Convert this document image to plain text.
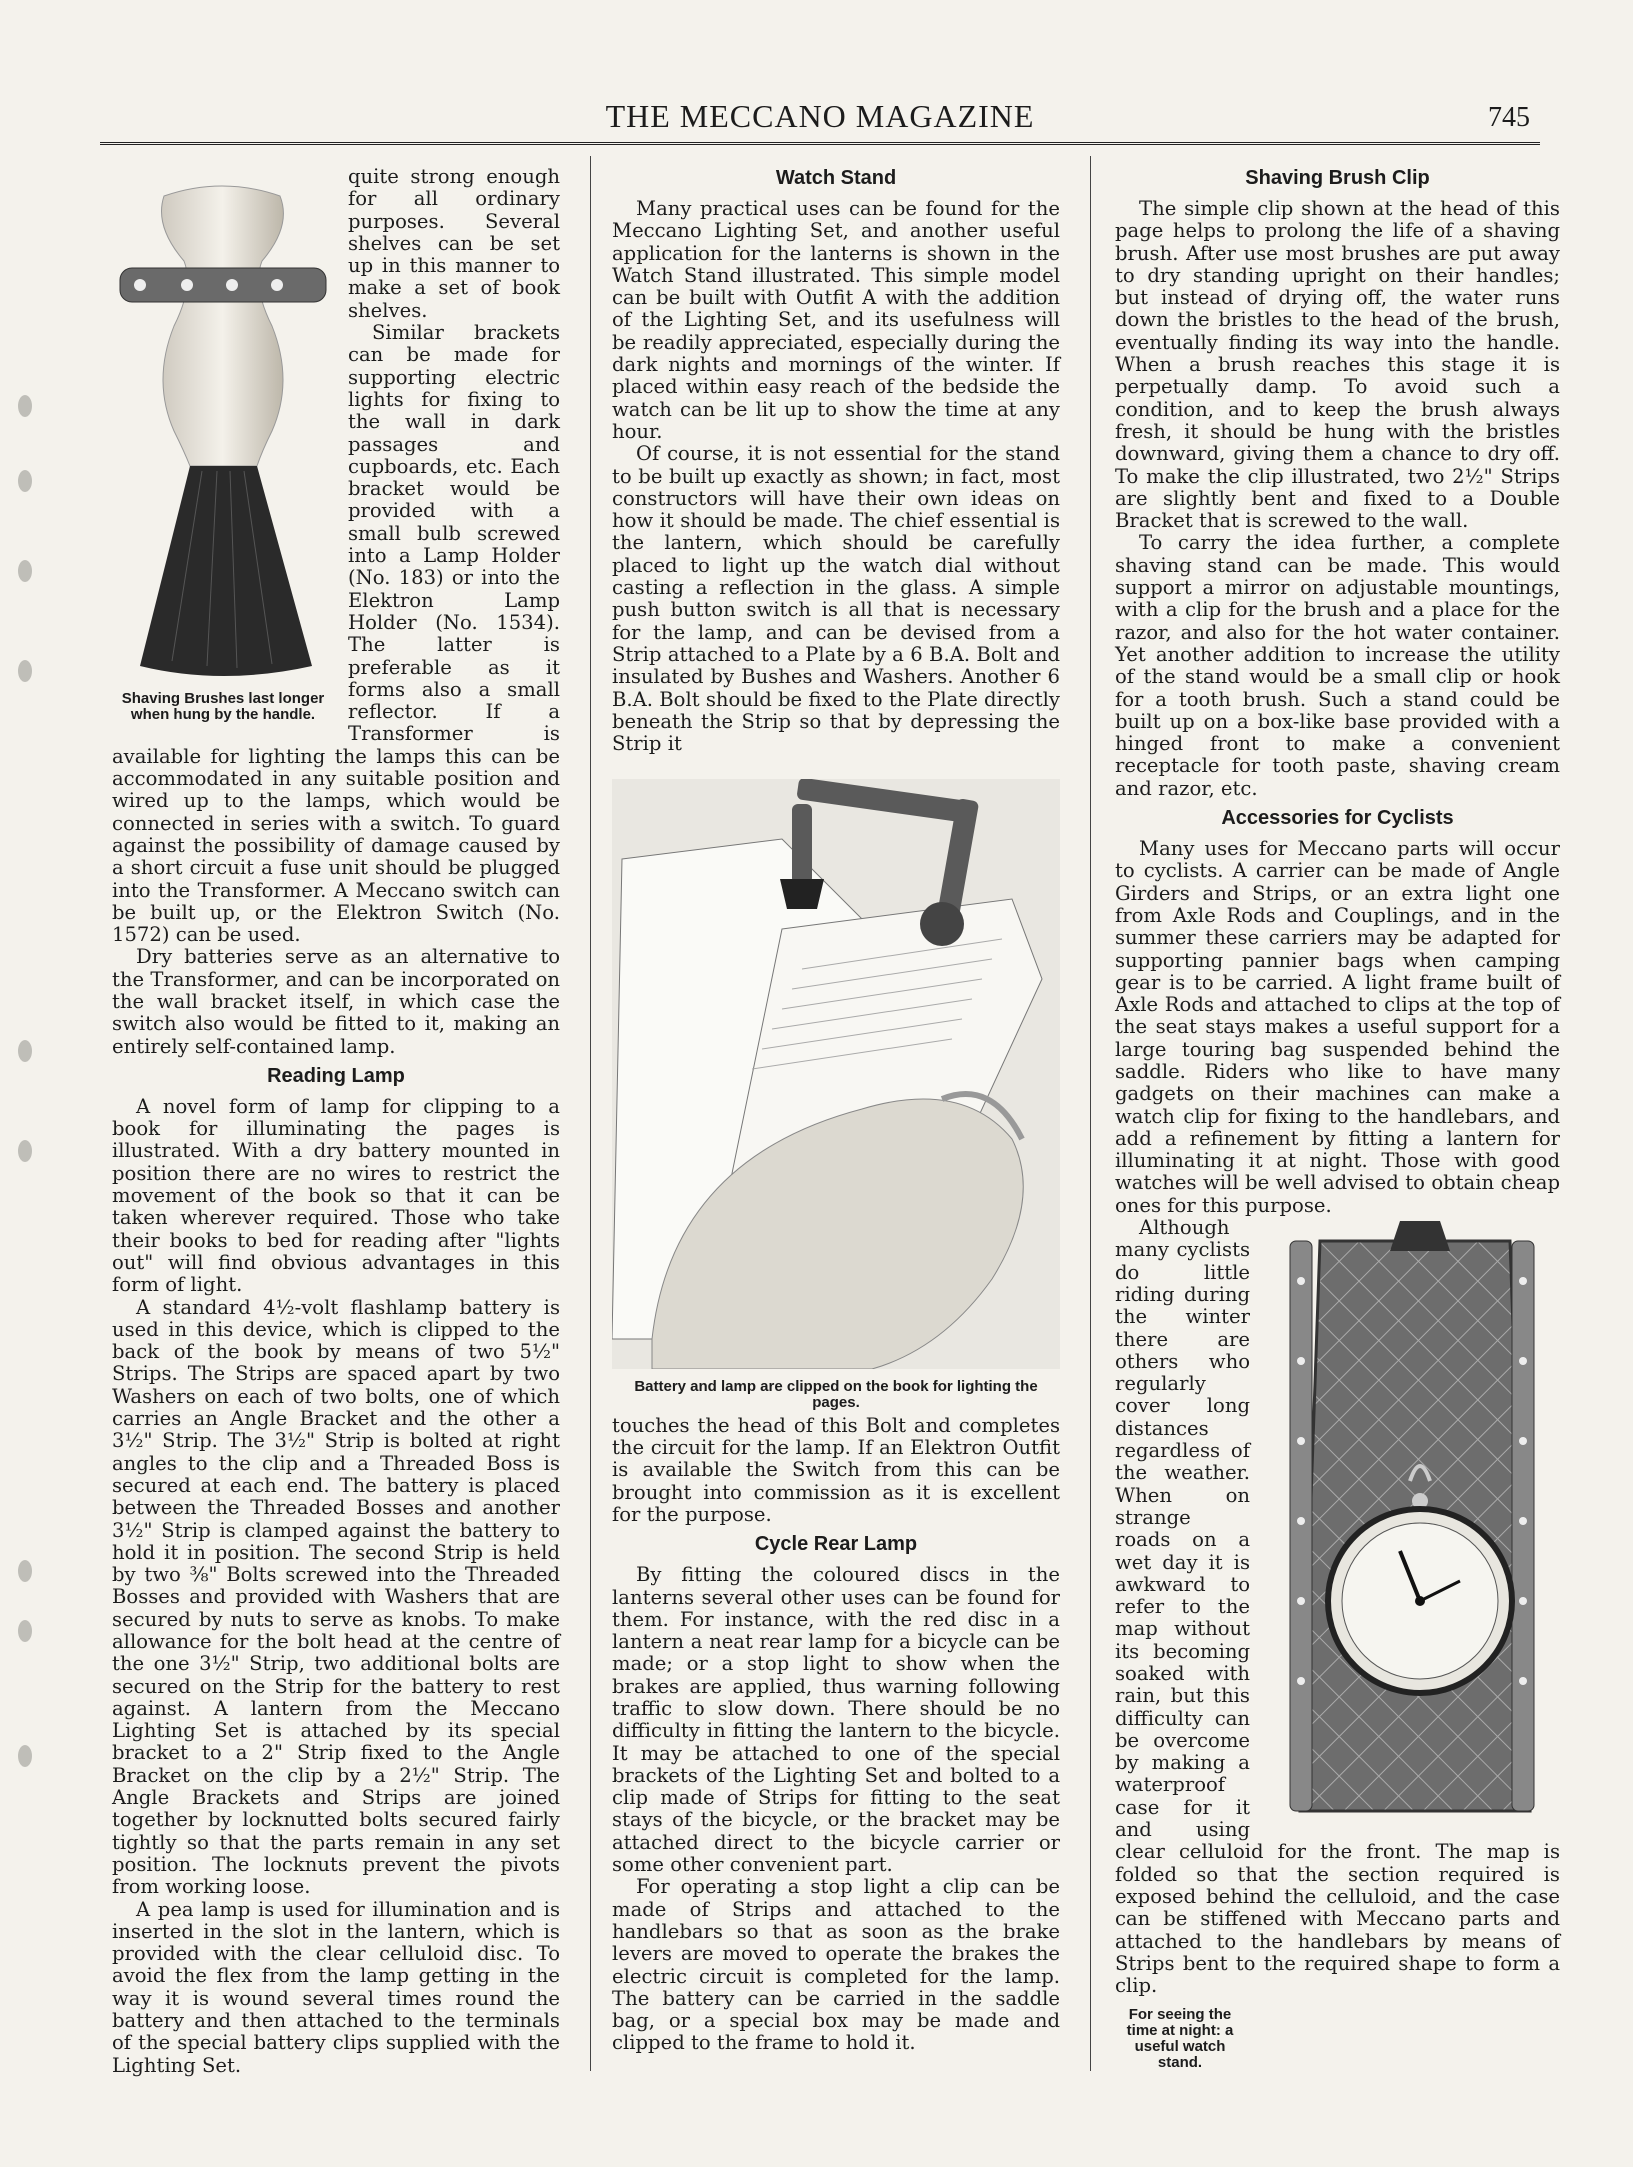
THE MECCANO MAGAZINE	745
Shaving Brushes last longer when hung by the handle.

quite strong enough for all ordinary purposes. Several shelves can be set up in this manner to make a set of book shelves.

Similar brackets can be made for supporting electric lights for fixing to the wall in dark passages and cupboards, etc. Each bracket would be provided with a small bulb screwed into a Lamp Holder (No. 183) or into the Elektron Lamp Holder (No. 1534). The latter is preferable as it forms also a small reflector. If a Transformer is available for lighting the lamps this can be accommodated in any suitable position and wired up to the lamps, which would be connected in series with a switch. To guard against the possibility of damage caused by a short circuit a fuse unit should be plugged into the Transformer. A Meccano switch can be built up, or the Elektron Switch (No. 1572) can be used.

Dry batteries serve as an alternative to the Transformer, and can be incorporated on the wall bracket itself, in which case the switch also would be fitted to it, making an entirely self-contained lamp.

Reading Lamp

A novel form of lamp for clipping to a book for illuminating the pages is illustrated. With a dry battery mounted in position there are no wires to restrict the movement of the book so that it can be taken wherever required. Those who take their books to bed for reading after "lights out" will find obvious advantages in this form of light.

A standard 4½-volt flashlamp battery is used in this device, which is clipped to the back of the book by means of two 5½" Strips. The Strips are spaced apart by two Washers on each of two bolts, one of which carries an Angle Bracket and the other a 3½" Strip. The 3½" Strip is bolted at right angles to the clip and a Threaded Boss is secured at each end. The battery is placed between the Threaded Bosses and another 3½" Strip is clamped against the battery to hold it in position. The second Strip is held by two ⅜" Bolts screwed into the Threaded Bosses and provided with Washers that are secured by nuts to serve as knobs. To make allowance for the bolt head at the centre of the one 3½" Strip, two additional bolts are secured on the Strip for the battery to rest against. A lantern from the Meccano Lighting Set is attached by its special bracket to a 2" Strip fixed to the Angle Bracket on the clip by a 2½" Strip. The Angle Brackets and Strips are joined together by locknutted bolts secured fairly tightly so that the parts remain in any set position. The locknuts prevent the pivots from working loose.

A pea lamp is used for illumination and is inserted in the slot in the lantern, which is provided with the clear celluloid disc. To avoid the flex from the lamp getting in the way it is wound several times round the battery and then attached to the terminals of the special battery clips supplied with the Lighting Set.

Watch Stand

Many practical uses can be found for the Meccano Lighting Set, and another useful application for the lanterns is shown in the Watch Stand illustrated. This simple model can be built with Outfit A with the addition of the Lighting Set, and its usefulness will be readily appreciated, especially during the dark nights and mornings of the winter. If placed within easy reach of the bedside the watch can be lit up to show the time at any hour.

Of course, it is not essential for the stand to be built up exactly as shown; in fact, most constructors will have their own ideas on how it should be made. The chief essential is the lantern, which should be carefully placed to light up the watch dial without casting a reflection in the glass. A simple push button switch is all that is necessary for the lamp, and can be devised from a Strip attached to a Plate by a 6 B.A. Bolt and insulated by Bushes and Washers. Another 6 B.A. Bolt should be fixed to the Plate directly beneath the Strip so that by depressing the Strip it

Battery and lamp are clipped on the book for lighting the pages.

touches the head of this Bolt and completes the circuit for the lamp. If an Elektron Outfit is available the Switch from this can be brought into commission as it is excellent for the purpose.

Cycle Rear Lamp

By fitting the coloured discs in the lanterns several other uses can be found for them. For instance, with the red disc in a lantern a neat rear lamp for a bicycle can be made; or a stop light to show when the brakes are applied, thus warning following traffic to slow down. There should be no difficulty in fitting the lantern to the bicycle. It may be attached to one of the special brackets of the Lighting Set and bolted to a clip made of Strips for fitting to the seat stays of the bicycle, or the bracket may be attached direct to the bicycle carrier or some other convenient part.

For operating a stop light a clip can be made of Strips and attached to the handlebars so that as soon as the brake levers are moved to operate the brakes the electric circuit is completed for the lamp. The battery can be carried in the saddle bag, or a special box may be made and clipped to the frame to hold it.

Shaving Brush Clip

The simple clip shown at the head of this page helps to prolong the life of a shaving brush. After use most brushes are put away to dry standing upright on their handles; but instead of drying off, the water runs down the bristles to the head of the brush, eventually finding its way into the handle. When a brush reaches this stage it is perpetually damp. To avoid such a condition, and to keep the brush always fresh, it should be hung with the bristles downward, giving them a chance to dry off. To make the clip illustrated, two 2½" Strips are slightly bent and fixed to a Double Bracket that is screwed to the wall.

To carry the idea further, a complete shaving stand can be made. This would support a mirror on adjustable mountings, with a clip for the brush and a place for the razor, and also for the hot water container. Yet another addition to increase the utility of the stand would be a small clip or hook for a tooth brush. Such a stand could be built up on a box-like base provided with a hinged front to make a convenient receptacle for tooth paste, shaving cream and razor, etc.

Accessories for Cyclists

Many uses for Meccano parts will occur to cyclists. A carrier can be made of Angle Girders and Strips, or an extra light one from Axle Rods and Couplings, and in the summer these carriers may be adapted for supporting pannier bags when camping gear is to be carried. A light frame built of Axle Rods and attached to clips at the top of the seat stays makes a useful support for a large touring bag suspended behind the saddle. Riders who like to have many gadgets on their machines can make a watch clip for fixing to the handlebars, and add a refinement by fitting a lantern for illuminating it at night. Those with good watches will be well advised to obtain cheap ones for this purpose.

Although many cyclists do little riding during the winter there are others who regularly cover long distances regardless of the weather. When on strange roads on a wet day it is awkward to refer to the map without its becoming soaked with rain, but this difficulty can be overcome by making a waterproof case for it and using clear celluloid for the front. The map is folded so that the section required is exposed behind the celluloid, and the case can be stiffened with Meccano parts and attached to the handlebars by means of Strips bent to the required shape to form a clip.

For seeing the time at night: a useful watch stand.
